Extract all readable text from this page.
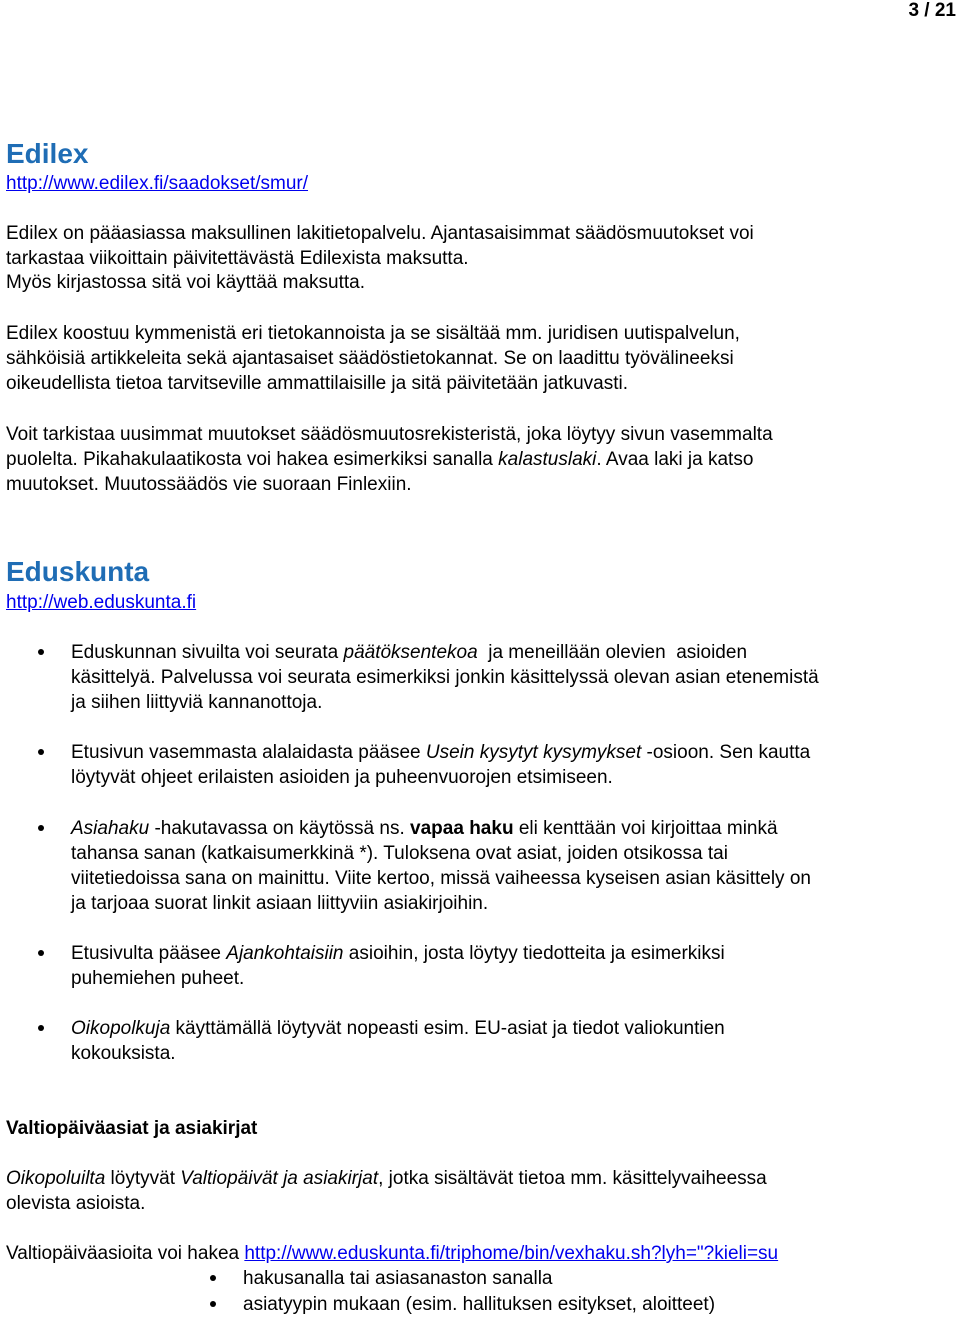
3 / 21
Edilex
http://www.edilex.fi/saadokset/smur/
Edilex on pääasiassa maksullinen lakitietopalvelu. Ajantasaisimmat säädösmuutokset voi
tarkastaa viikoittain päivitettävästä Edilexista maksutta.
Myös kirjastossa sitä voi käyttää maksutta.
Edilex koostuu kymmenistä eri tietokannoista ja se sisältää mm. juridisen uutispalvelun,
sähköisiä artikkeleita sekä ajantasaiset säädöstietokannat. Se on laadittu työvälineeksi
oikeudellista tietoa tarvitseville ammattilaisille ja sitä päivitetään jatkuvasti.
Voit tarkistaa uusimmat muutokset säädösmuutosrekisteristä, joka löytyy sivun vasemmalta
puolelta. Pikahakulaatikosta voi hakea esimerkiksi sanalla kalastuslaki. Avaa laki ja katso
muutokset. Muutossäädös vie suoraan Finlexiin.
Eduskunta
http://web.eduskunta.fi
Eduskunnan sivuilta voi seurata päätöksentekoa  ja meneillään olevien  asioiden
käsittelyä. Palvelussa voi seurata esimerkiksi jonkin käsittelyssä olevan asian etenemistä
ja siihen liittyviä kannanottoja.
Etusivun vasemmasta alalaidasta pääsee Usein kysytyt kysymykset -osioon. Sen kautta
löytyvät ohjeet erilaisten asioiden ja puheenvuorojen etsimiseen.
Asiahaku -hakutavassa on käytössä ns. vapaa haku eli kenttään voi kirjoittaa minkä
tahansa sanan (katkaisumerkkinä *). Tuloksena ovat asiat, joiden otsikossa tai
viitetiedoissa sana on mainittu. Viite kertoo, missä vaiheessa kyseisen asian käsittely on
ja tarjoaa suorat linkit asiaan liittyviin asiakirjoihin.
Etusivulta pääsee Ajankohtaisiin asioihin, josta löytyy tiedotteita ja esimerkiksi
puhemiehen puheet.
Oikopolkuja käyttämällä löytyvät nopeasti esim. EU-asiat ja tiedot valiokuntien
kokouksista.
Valtiopäiväasiat ja asiakirjat
Oikopoluilta löytyvät Valtiopäivät ja asiakirjat, jotka sisältävät tietoa mm. käsittelyvaiheessa
olevista asioista.
Valtiopäiväasioita voi hakea http://www.eduskunta.fi/triphome/bin/vexhaku.sh?lyh="?kieli=su
hakusanalla tai asiasanaston sanalla
asiatyypin mukaan (esim. hallituksen esitykset, aloitteet)
